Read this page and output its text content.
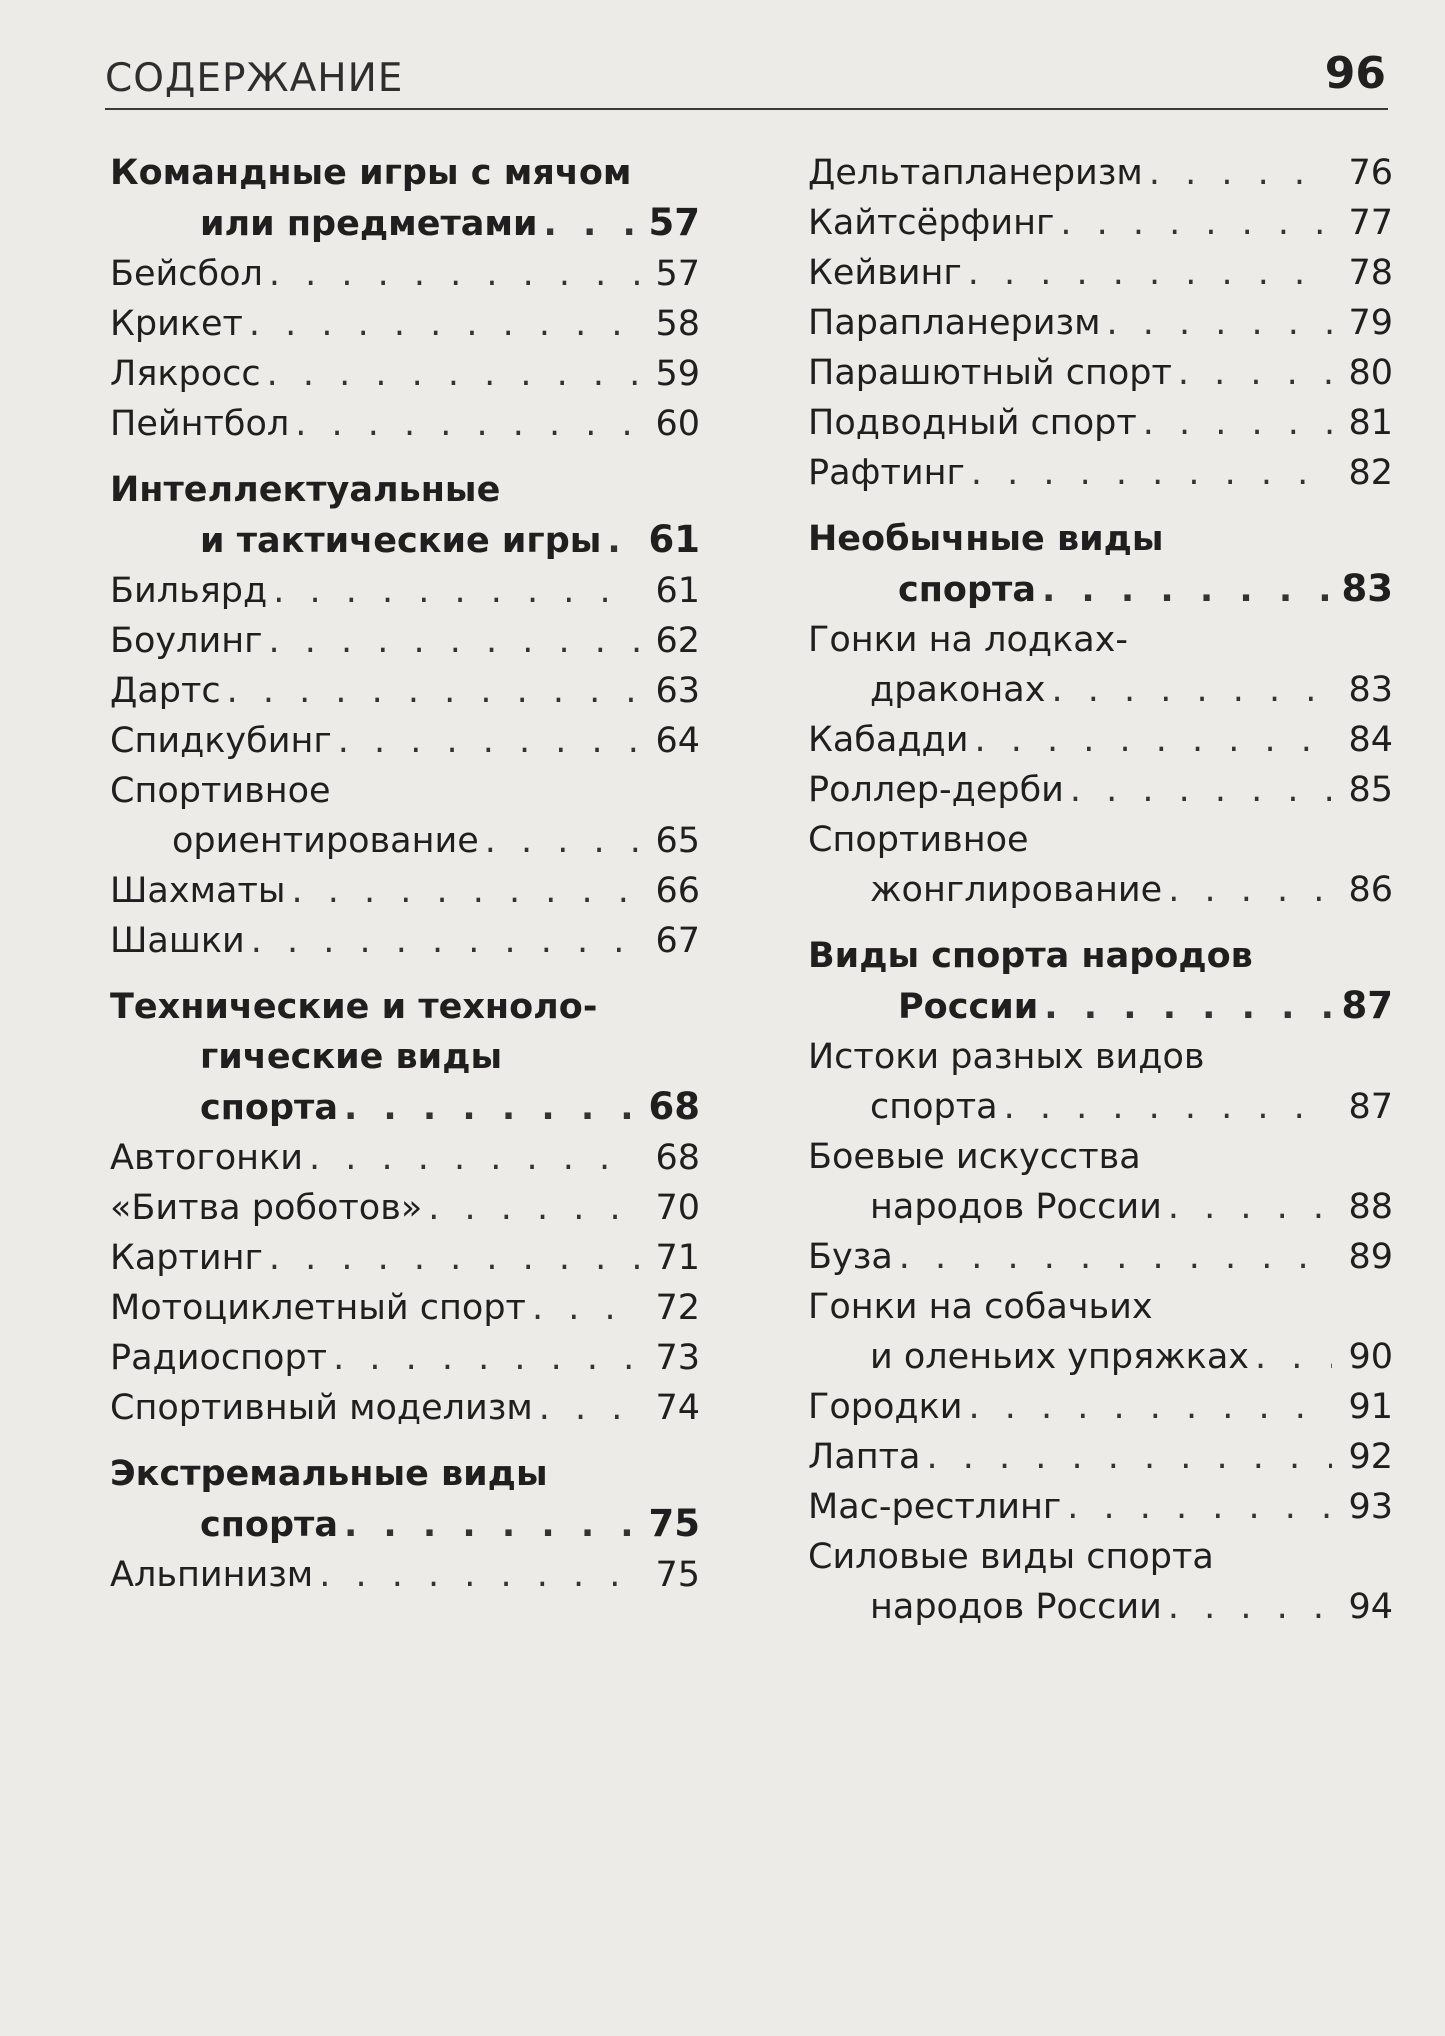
СОДЕРЖАНИЕ	96
Командные игры с мячом
или предметами . . .	57
Бейсбол . . .	57
Крикет . . .	58
Лякросс . . .	59
Пейнтбол . . .	60
Интеллектуальные
и тактические игры . . . 61
Бильярд . . .	61
Боулинг . . .	62
Дартс . . .	63
Спидкубинг . . .	64
Спортивное
ориентирование . . .	65
Шахматы . . .	66
Шашки . . .	67
Технические и техноло-
гические виды
спорта . . .	68
Автогонки . . .	68
«Битва роботов» . . .	70
Картинг . . .	71
Мотоциклетный спорт . . .	72
Радиоспорт . . .	73
Спортивный моделизм . . .	74
Экстремальные виды
спорта . . .	75
Альпинизм . . .	75
Дельтапланеризм . . .	76
Кайтсёрфинг . . .	77
Кейвинг . . .	78
Парапланеризм . . .	79
Парашютный спорт . . .	80
Подводный спорт . . .	81
Рафтинг . . .	82
Необычные виды
спорта . . .	83
Гонки на лодках-
драконах . . .	83
Кабадди . . .	84
Роллер-дерби . . .	85
Спортивное
жонглирование . . .	86
Виды спорта народов
России . . .	87
Истоки разных видов
спорта . . .	87
Боевые искусства
народов России . . .	88
Буза . . .	89
Гонки на собачьих
и оленьих упряжках . . .	90
Городки . . .	91
Лапта . . .	92
Мас-рестлинг . . .	93
Силовые виды спорта
народов России . . .	94
